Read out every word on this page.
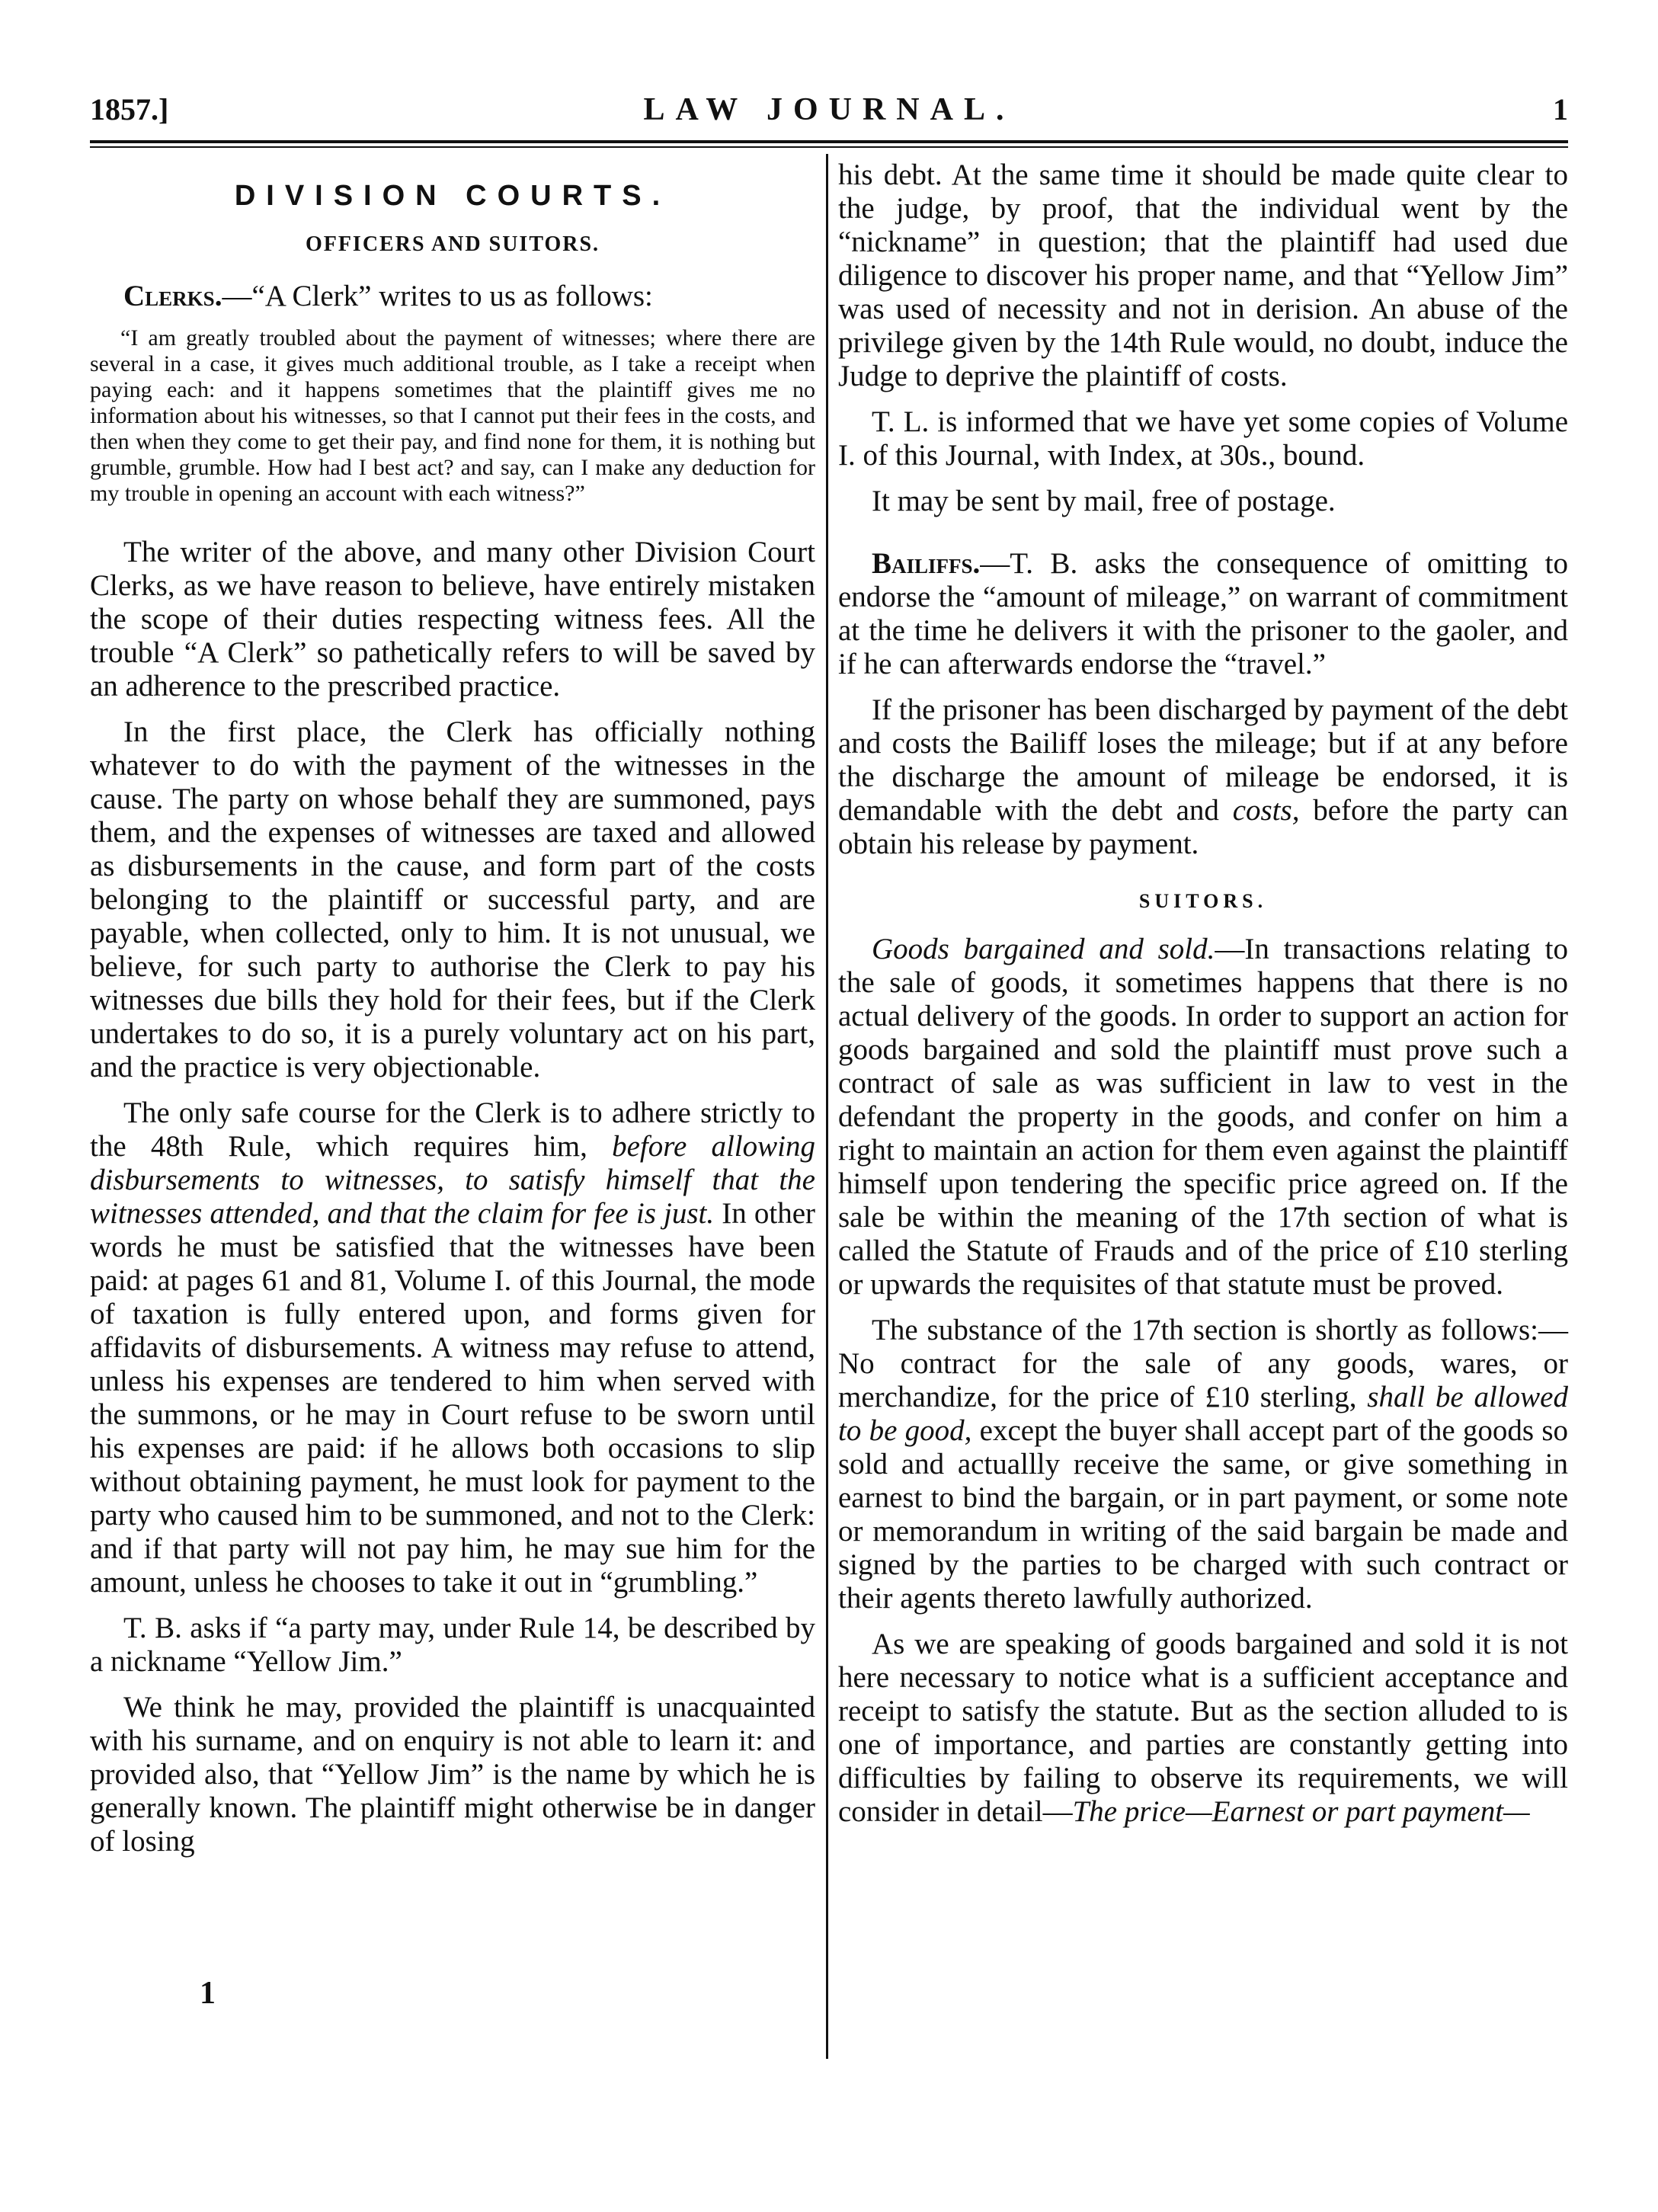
1857.]	LAW JOURNAL.	1
DIVISION COURTS.
OFFICERS AND SUITORS.

Clerks.—“A Clerk” writes to us as follows:

“I am greatly troubled about the payment of witnesses; where there are several in a case, it gives much additional trouble, as I take a receipt when paying each: and it happens sometimes that the plaintiff gives me no information about his witnesses, so that I cannot put their fees in the costs, and then when they come to get their pay, and find none for them, it is nothing but grumble, grumble. How had I best act? and say, can I make any deduction for my trouble in opening an account with each witness?”

The writer of the above, and many other Division Court Clerks, as we have reason to believe, have entirely mistaken the scope of their duties respecting witness fees. All the trouble “A Clerk” so pathetically refers to will be saved by an adherence to the prescribed practice.

In the first place, the Clerk has officially nothing whatever to do with the payment of the witnesses in the cause. The party on whose behalf they are summoned, pays them, and the expenses of witnesses are taxed and allowed as disbursements in the cause, and form part of the costs belonging to the plaintiff or successful party, and are payable, when collected, only to him. It is not unusual, we believe, for such party to authorise the Clerk to pay his witnesses due bills they hold for their fees, but if the Clerk undertakes to do so, it is a purely voluntary act on his part, and the practice is very objectionable.

The only safe course for the Clerk is to adhere strictly to the 48th Rule, which requires him, before allowing disbursements to witnesses, to satisfy himself that the witnesses attended, and that the claim for fee is just. In other words he must be satisfied that the witnesses have been paid: at pages 61 and 81, Volume I. of this Journal, the mode of taxation is fully entered upon, and forms given for affidavits of disbursements. A witness may refuse to attend, unless his expenses are tendered to him when served with the summons, or he may in Court refuse to be sworn until his expenses are paid: if he allows both occasions to slip without obtaining payment, he must look for payment to the party who caused him to be summoned, and not to the Clerk: and if that party will not pay him, he may sue him for the amount, unless he chooses to take it out in “grumbling.”

T. B. asks if “a party may, under Rule 14, be described by a nickname “Yellow Jim.”

We think he may, provided the plaintiff is unacquainted with his surname, and on enquiry is not able to learn it: and provided also, that “Yellow Jim” is the name by which he is generally known. The plaintiff might otherwise be in danger of losing

his debt. At the same time it should be made quite clear to the judge, by proof, that the individual went by the “nickname” in question; that the plaintiff had used due diligence to discover his proper name, and that “Yellow Jim” was used of necessity and not in derision. An abuse of the privilege given by the 14th Rule would, no doubt, induce the Judge to deprive the plaintiff of costs.

T. L. is informed that we have yet some copies of Volume I. of this Journal, with Index, at 30s., bound.

It may be sent by mail, free of postage.

Bailiffs.—T. B. asks the consequence of omitting to endorse the “amount of mileage,” on warrant of commitment at the time he delivers it with the prisoner to the gaoler, and if he can afterwards endorse the “travel.”

If the prisoner has been discharged by payment of the debt and costs the Bailiff loses the mileage; but if at any before the discharge the amount of mileage be endorsed, it is demandable with the debt and costs, before the party can obtain his release by payment.

SUITORS.

Goods bargained and sold.—In transactions relating to the sale of goods, it sometimes happens that there is no actual delivery of the goods. In order to support an action for goods bargained and sold the plaintiff must prove such a contract of sale as was sufficient in law to vest in the defendant the property in the goods, and confer on him a right to maintain an action for them even against the plaintiff himself upon tendering the specific price agreed on. If the sale be within the meaning of the 17th section of what is called the Statute of Frauds and of the price of £10 sterling or upwards the requisites of that statute must be proved.

The substance of the 17th section is shortly as follows:—No contract for the sale of any goods, wares, or merchandize, for the price of £10 sterling, shall be allowed to be good, except the buyer shall accept part of the goods so sold and actuallly receive the same, or give something in earnest to bind the bargain, or in part payment, or some note or memorandum in writing of the said bargain be made and signed by the parties to be charged with such contract or their agents thereto lawfully authorized.

As we are speaking of goods bargained and sold it is not here necessary to notice what is a sufficient acceptance and receipt to satisfy the statute. But as the section alluded to is one of importance, and parties are constantly getting into difficulties by failing to observe its requirements, we will consider in detail—The price—Earnest or part payment—

1
